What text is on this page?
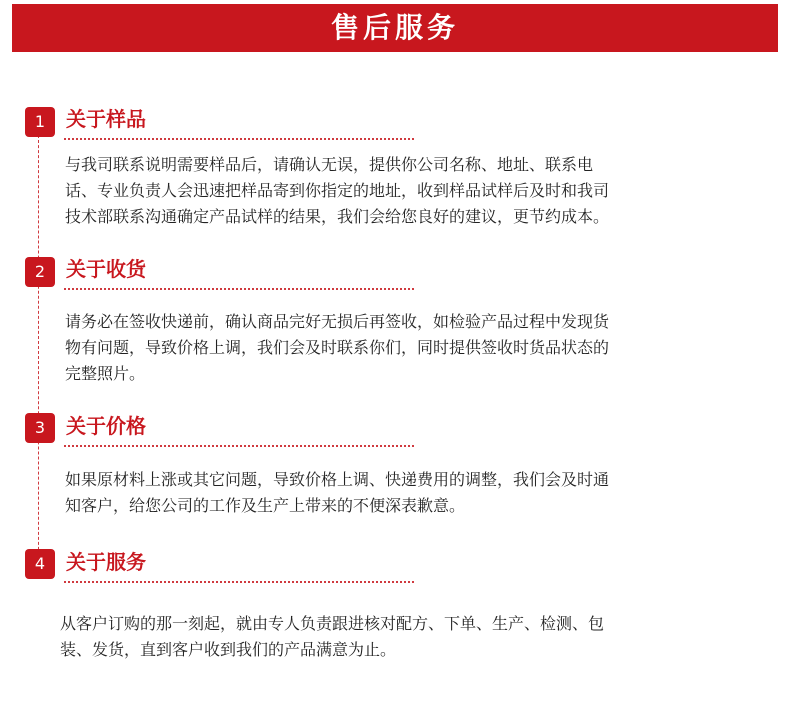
售后服务
1	关于样品
与我司联系说明需要样品后，请确认无误，提供你公司名称、地址、联系电
话、专业负责人会迅速把样品寄到你指定的地址，收到样品试样后及时和我司
技术部联系沟通确定产品试样的结果，我们会给您良好的建议，更节约成本。
2	关于收货
请务必在签收快递前，确认商品完好无损后再签收，如检验产品过程中发现货
物有问题，导致价格上调，我们会及时联系你们，同时提供签收时货品状态的
完整照片。
3	关于价格
如果原材料上涨或其它问题，导致价格上调、快递费用的调整，我们会及时通
知客户，给您公司的工作及生产上带来的不便深表歉意。
4	关于服务
从客户订购的那一刻起，就由专人负责跟进核对配方、下单、生产、检测、包
装、发货，直到客户收到我们的产品满意为止。
